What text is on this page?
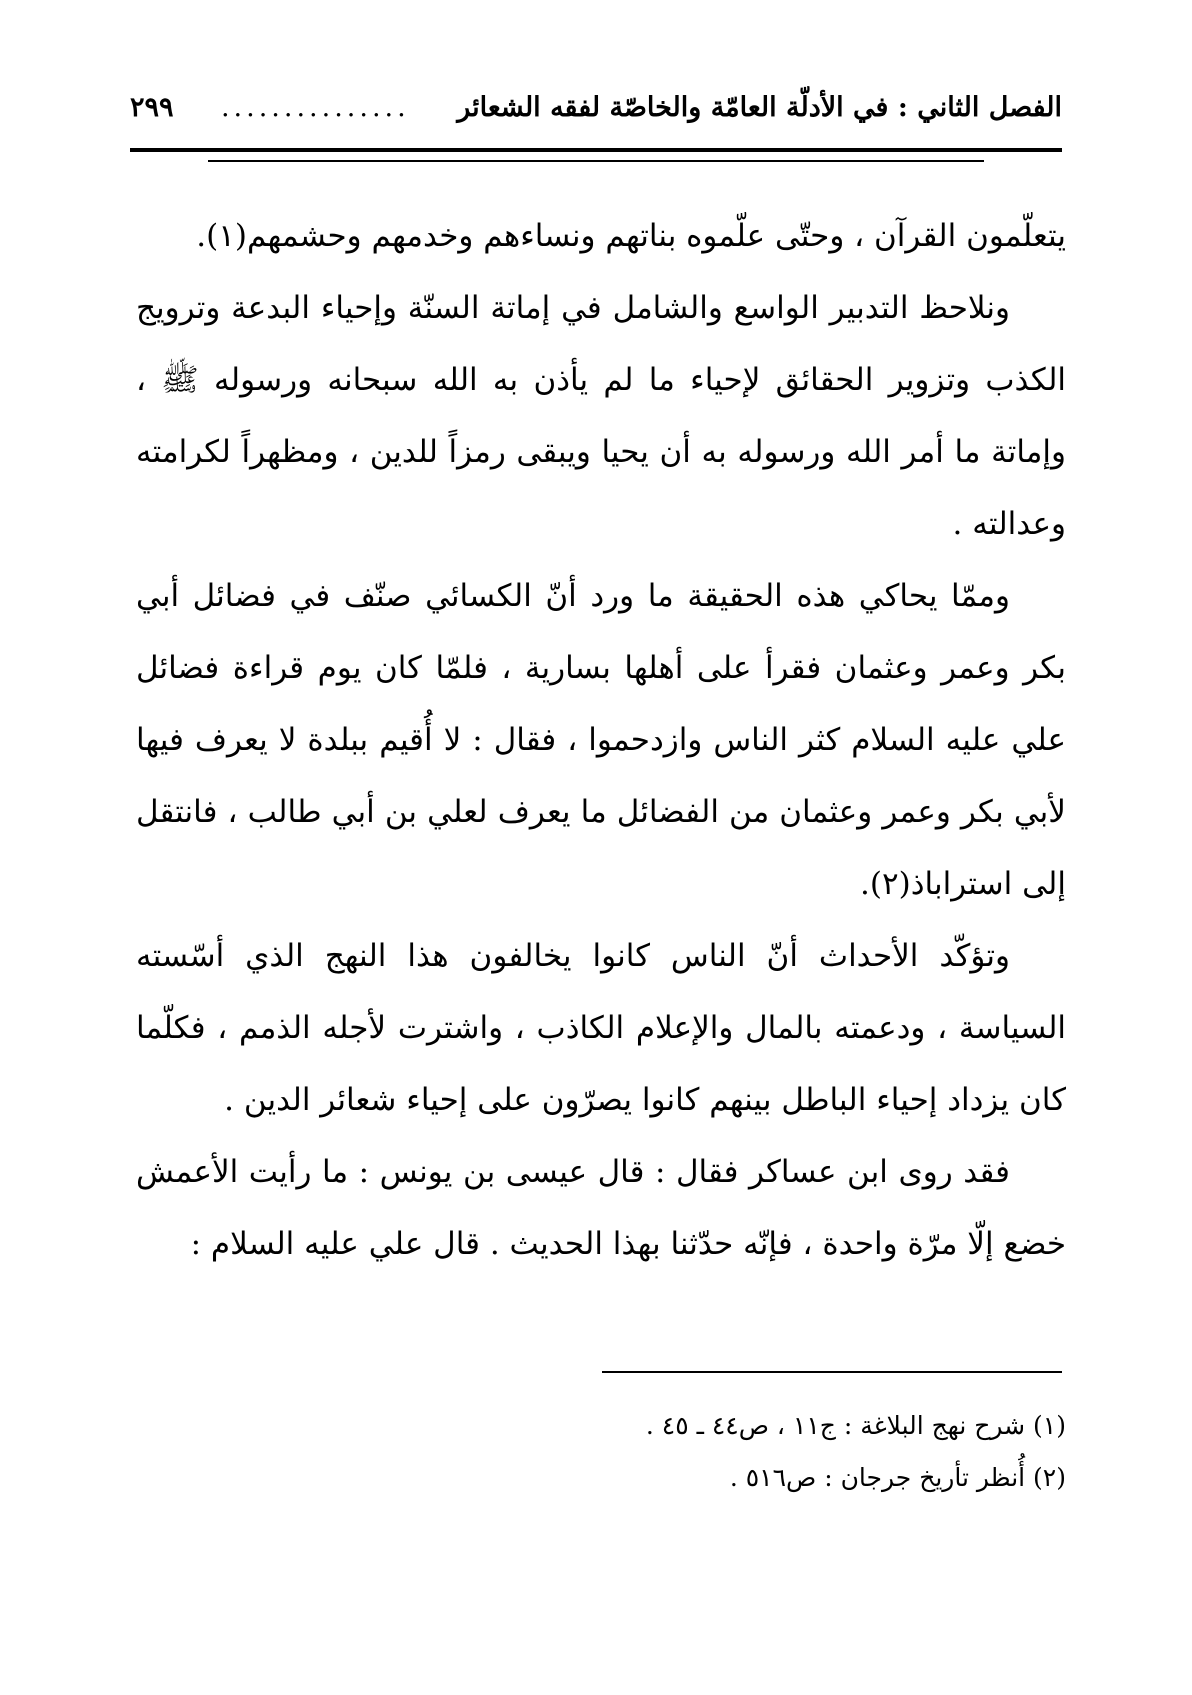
الفصل الثاني : في الأدلّة العامّة والخاصّة لفقه الشعائر
...............
٢٩٩

يتعلّمون القرآن ، وحتّى علّموه بناتهم ونساءهم وخدمهم وحشمهم(١).

ونلاحظ التدبير الواسع والشامل في إماتة السنّة وإحياء البدعة وترويج الكذب وتزوير الحقائق لإحياء ما لم يأذن به الله سبحانه ورسوله ﷺ ، وإماتة ما أمر الله ورسوله به أن يحيا ويبقى رمزاً للدين ، ومظهراً لكرامته وعدالته .

وممّا يحاكي هذه الحقيقة ما ورد أنّ الكسائي صنّف في فضائل أبي بكر وعمر وعثمان فقرأ على أهلها بسارية ، فلمّا كان يوم قراءة فضائل علي عليه السلام كثر الناس وازدحموا ، فقال : لا أُقيم ببلدة لا يعرف فيها لأبي بكر وعمر وعثمان من الفضائل ما يعرف لعلي بن أبي طالب ، فانتقل إلى استراباذ(٢).

وتؤكّد الأحداث أنّ الناس كانوا يخالفون هذا النهج الذي أسّسته السياسة ، ودعمته بالمال والإعلام الكاذب ، واشترت لأجله الذمم ، فكلّما كان يزداد إحياء الباطل بينهم كانوا يصرّون على إحياء شعائر الدين .

فقد روى ابن عساكر فقال : قال عيسى بن يونس : ما رأيت الأعمش خضع إلّا مرّة واحدة ، فإنّه حدّثنا بهذا الحديث . قال علي عليه السلام :

(١) شرح نهج البلاغة : ج١١ ، ص٤٤ ـ ٤٥ .

(٢) أُنظر تأريخ جرجان : ص٥١٦ .
